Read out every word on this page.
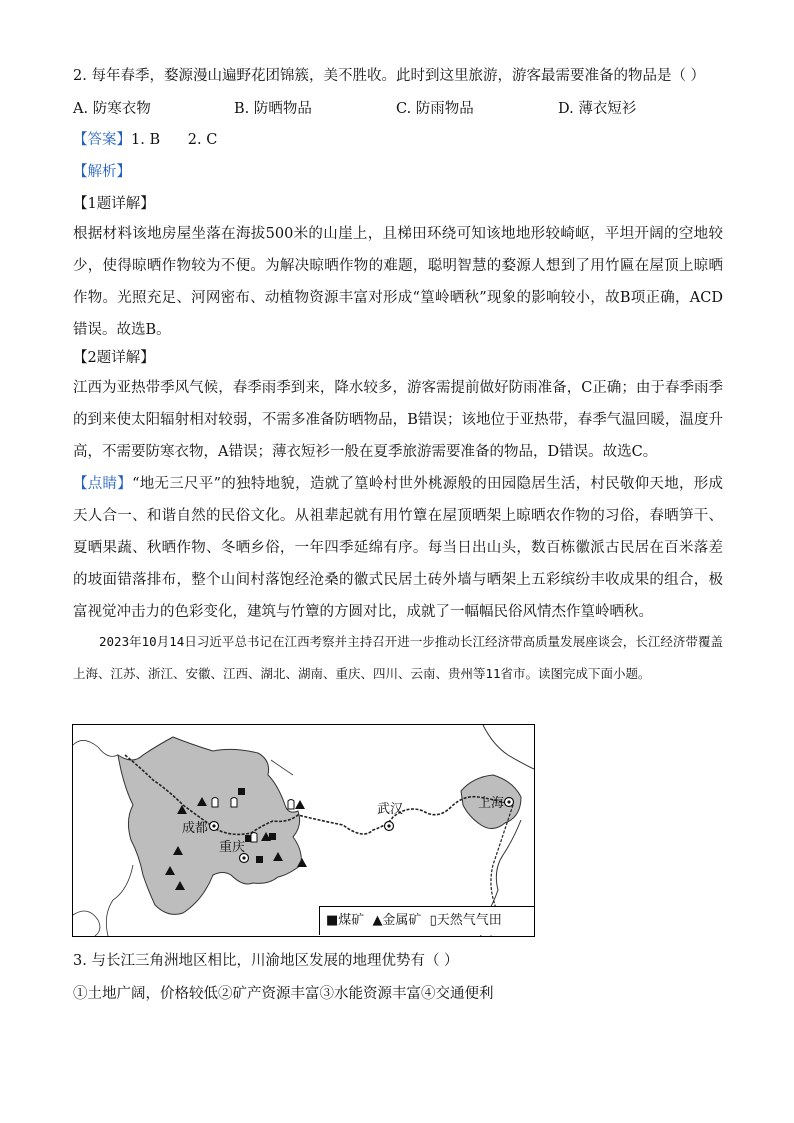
2. 每年春季，婺源漫山遍野花团锦簇，美不胜收。此时到这里旅游，游客最需要准备的物品是（ ）
A. 防寒衣物	B. 防晒物品	C. 防雨物品	D. 薄衣短衫
【答案】1. B      2. C
【解析】
【1题详解】
根据材料该地房屋坐落在海拔500米的山崖上，且梯田环绕可知该地地形较崎岖，平坦开阔的空地较少，使得晾晒作物较为不便。为解决晾晒作物的难题，聪明智慧的婺源人想到了用竹匾在屋顶上晾晒作物。光照充足、河网密布、动植物资源丰富对形成“篁岭晒秋”现象的影响较小，故B项正确，ACD错误。故选B。
【2题详解】
江西为亚热带季风气候，春季雨季到来，降水较多，游客需提前做好防雨准备，C正确；由于春季雨季的到来使太阳辐射相对较弱，不需多准备防晒物品，B错误；该地位于亚热带，春季气温回暖，温度升高，不需要防寒衣物，A错误；薄衣短衫一般在夏季旅游需要准备的物品，D错误。故选C。
【点睛】“地无三尺平”的独特地貌，造就了篁岭村世外桃源般的田园隐居生活，村民敬仰天地，形成天人合一、和谐自然的民俗文化。从祖辈起就有用竹簟在屋顶晒架上晾晒农作物的习俗，春晒笋干、夏晒果蔬、秋晒作物、冬晒乡俗，一年四季延绵有序。每当日出山头，数百栋徽派古民居在百米落差的坡面错落排布，整个山间村落饱经沧桑的徽式民居土砖外墙与晒架上五彩缤纷丰收成果的组合，极富视觉冲击力的色彩变化，建筑与竹簟的方圆对比，成就了一幅幅民俗风情杰作篁岭晒秋。
2023年10月14日习近平总书记在江西考察并主持召开进一步推动长江经济带高质量发展座谈会，长江经济带覆盖上海、江苏、浙江、安徽、江西、湖北、湖南、重庆、四川、云南、贵州等11省市。读图完成下面小题。
成都
重庆
武汉	上海
■煤矿 ▲金属矿 ▯天然气气田
3. 与长江三角洲地区相比，川渝地区发展的地理优势有（ ）
①土地广阔，价格较低②矿产资源丰富③水能资源丰富④交通便利
